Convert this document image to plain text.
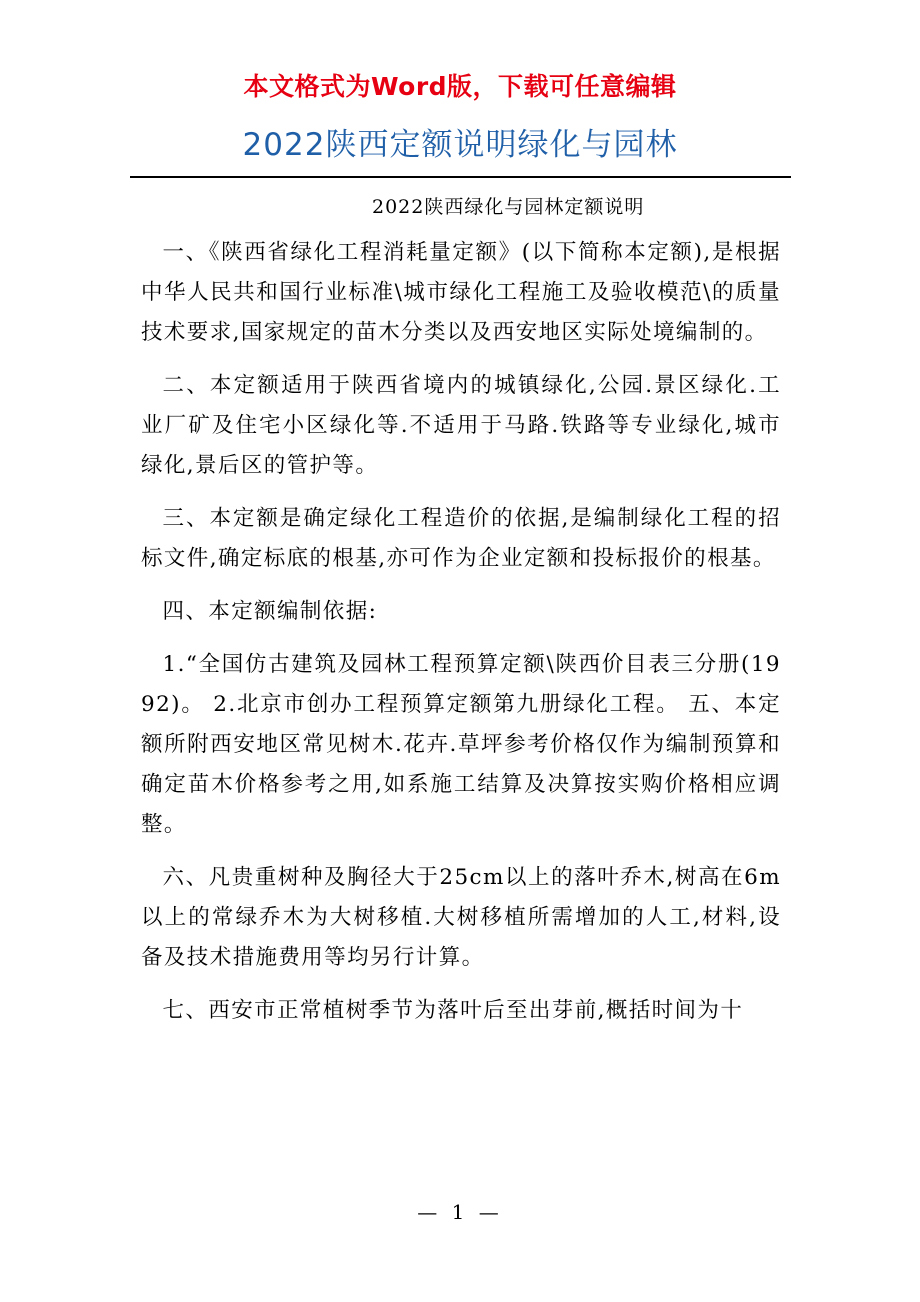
本文格式为Word版，下载可任意编辑
2022陕西定额说明绿化与园林
2022陕西绿化与园林定额说明

一、《陕西省绿化工程消耗量定额》(以下简称本定额),是根据中华人民共和国行业标准\城市绿化工程施工及验收模范\的质量技术要求,国家规定的苗木分类以及西安地区实际处境编制的。

二、本定额适用于陕西省境内的城镇绿化,公园.景区绿化.工业厂矿及住宅小区绿化等.不适用于马路.铁路等专业绿化,城市绿化,景后区的管护等。

三、本定额是确定绿化工程造价的依据,是编制绿化工程的招标文件,确定标底的根基,亦可作为企业定额和投标报价的根基。

四、本定额编制依据:

1.“全国仿古建筑及园林工程预算定额\陕西价目表三分册(1992)。 2.北京市创办工程预算定额第九册绿化工程。 五、本定额所附西安地区常见树木.花卉.草坪参考价格仅作为编制预算和确定苗木价格参考之用,如系施工结算及决算按实购价格相应调整。

六、凡贵重树种及胸径大于25cm以上的落叶乔木,树高在6m以上的常绿乔木为大树移植.大树移植所需增加的人工,材料,设备及技术措施费用等均另行计算。

七、西安市正常植树季节为落叶后至出芽前,概括时间为十

— 1 —
